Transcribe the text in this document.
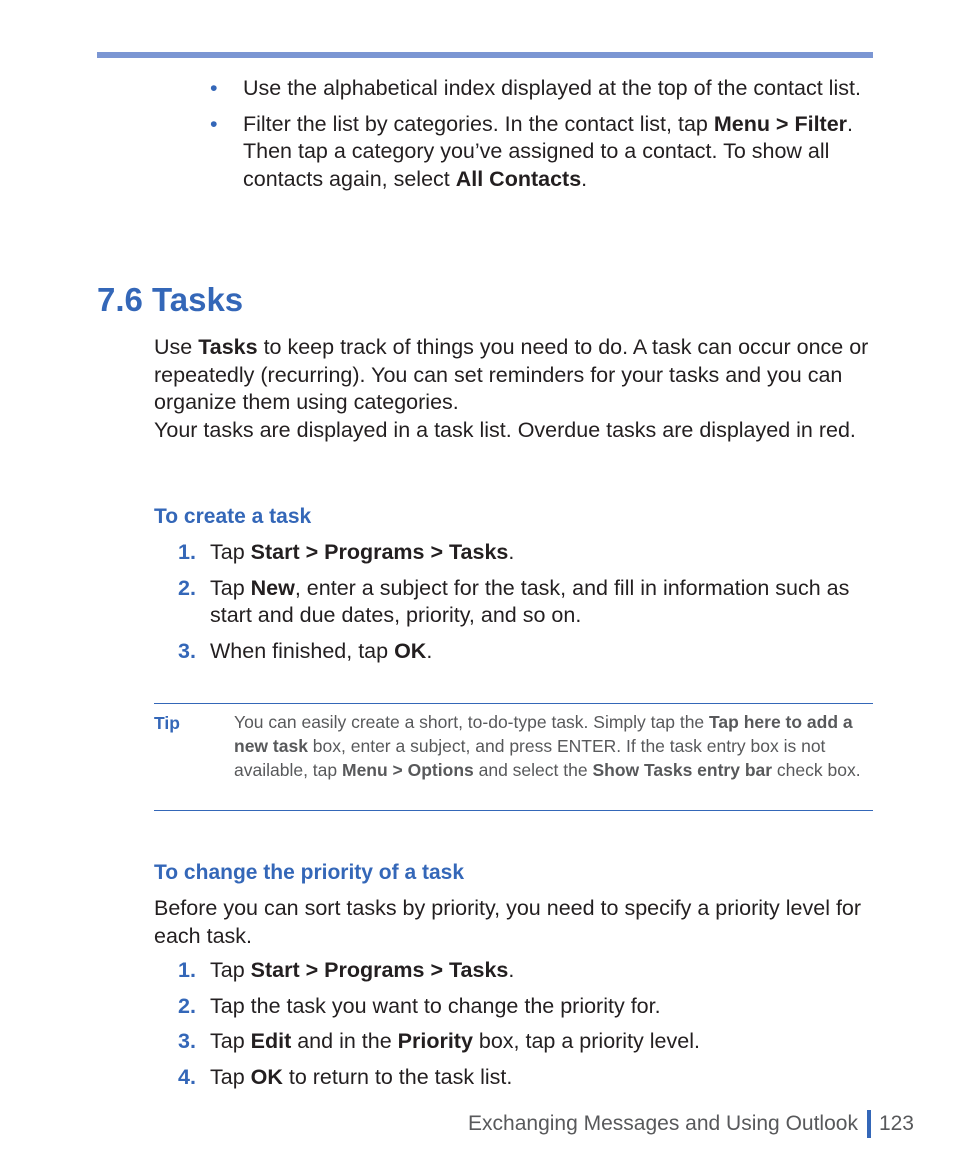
• Use the alphabetical index displayed at the top of the contact list.
• Filter the list by categories. In the contact list, tap Menu > Filter. Then tap a category you’ve assigned to a contact. To show all contacts again, select All Contacts.
7.6 Tasks
Use Tasks to keep track of things you need to do. A task can occur once or repeatedly (recurring). You can set reminders for your tasks and you can organize them using categories.
Your tasks are displayed in a task list. Overdue tasks are displayed in red.
To create a task
1. Tap Start > Programs > Tasks.
2. Tap New, enter a subject for the task, and fill in information such as start and due dates, priority, and so on.
3. When finished, tap OK.
Tip	You can easily create a short, to-do-type task. Simply tap the Tap here to add a new task box, enter a subject, and press ENTER. If the task entry box is not available, tap Menu > Options and select the Show Tasks entry bar check box.

To change the priority of a task

Before you can sort tasks by priority, you need to specify a priority level for each task.

1. Tap Start > Programs > Tasks.
2. Tap the task you want to change the priority for.
3. Tap Edit and in the Priority box, tap a priority level.
4. Tap OK to return to the task list.
Exchanging Messages and Using Outlook 123
